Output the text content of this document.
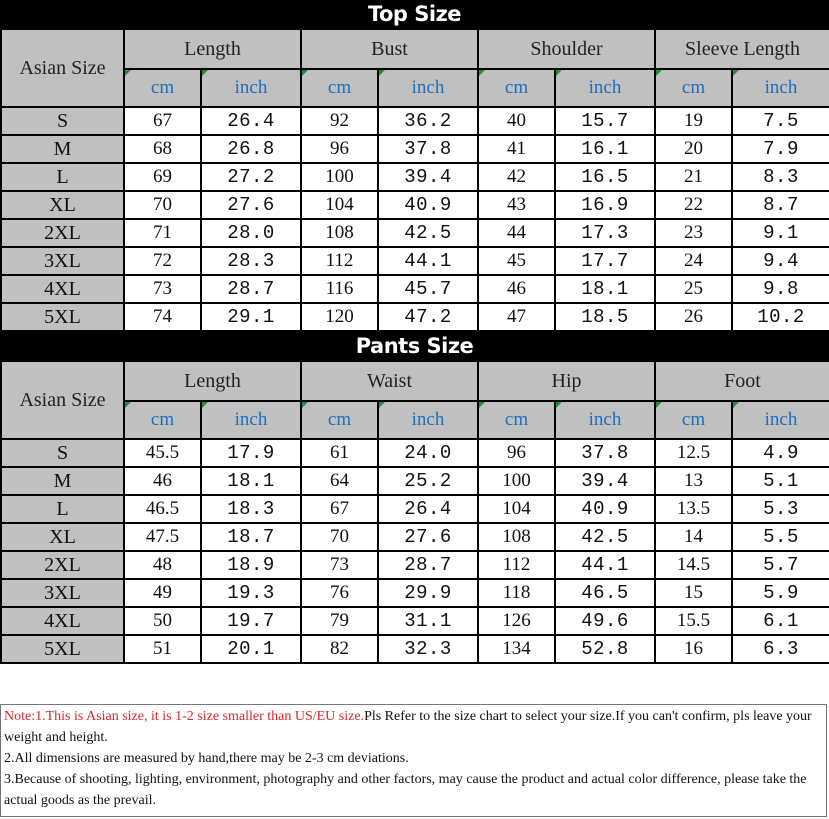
Top Size
Asian Size	Length		Bust		Shoulder		Sleeve Length	
	cm	inch	cm	inch	cm	inch	cm	inch
S	67	26.4	92	36.2	40	15.7	19	7.5
M	68	26.8	96	37.8	41	16.1	20	7.9
L	69	27.2	100	39.4	42	16.5	21	8.3
XL	70	27.6	104	40.9	43	16.9	22	8.7
2XL	71	28.0	108	42.5	44	17.3	23	9.1
3XL	72	28.3	112	44.1	45	17.7	24	9.4
4XL	73	28.7	116	45.7	46	18.1	25	9.8
5XL	74	29.1	120	47.2	47	18.5	26	10.2
Pants Size
Asian Size	Length		Waist		Hip		Foot	
	cm	inch	cm	inch	cm	inch	cm	inch
S	45.5	17.9	61	24.0	96	37.8	12.5	4.9
M	46	18.1	64	25.2	100	39.4	13	5.1
L	46.5	18.3	67	26.4	104	40.9	13.5	5.3
XL	47.5	18.7	70	27.6	108	42.5	14	5.5
2XL	48	18.9	73	28.7	112	44.1	14.5	5.7
3XL	49	19.3	76	29.9	118	46.5	15	5.9
4XL	50	19.7	79	31.1	126	49.6	15.5	6.1
5XL	51	20.1	82	32.3	134	52.8	16	6.3

Note:1.This is Asian size, it is 1-2 size smaller than US/EU size.Pls Refer to the size chart to select your size.If you can't confirm, pls leave your weight and height.

2.All dimensions are measured by hand,there may be 2-3 cm deviations.

3.Because of shooting, lighting, environment, photography and other factors, may cause the product and actual color difference, please take the actual goods as the prevail.
